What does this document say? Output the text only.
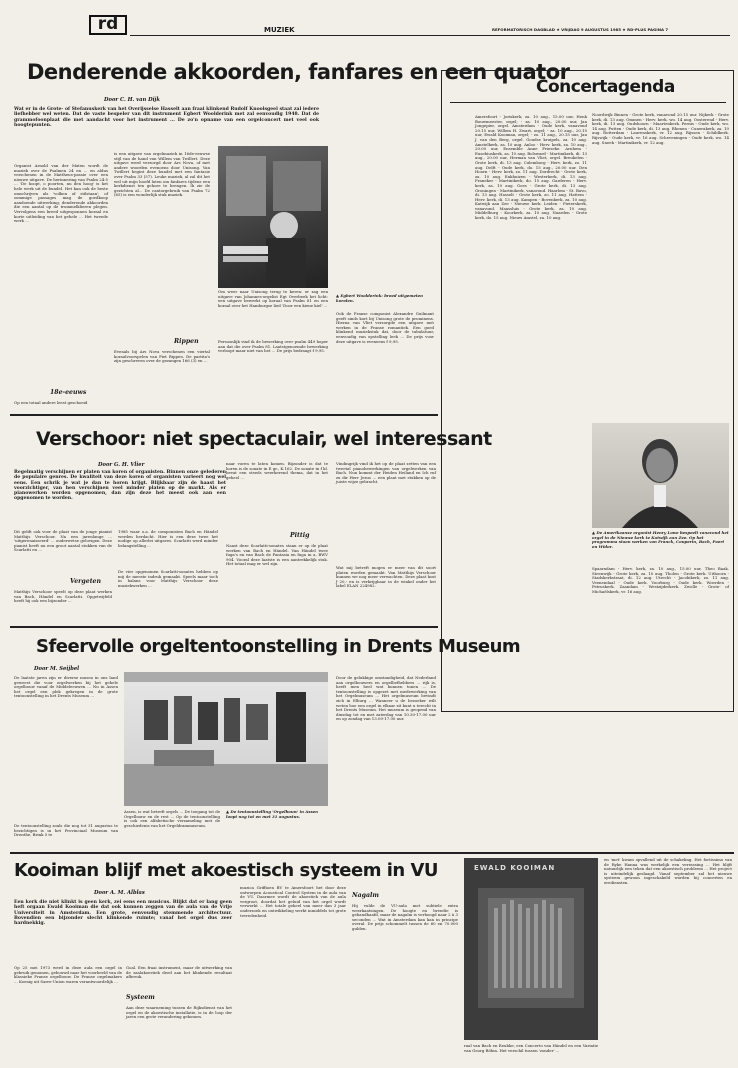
rd	MUZIEK	REFORMATORISCH DAGBLAD ★ VRIJDAG 9 AUGUSTUS 1985 ★ RD-PLUS PAGINA 7
Denderende akkoorden, fanfares en een quator
Door C. H. van Dijk
Wat er in de Grote- of Stefanuskerk van het Overijsselse Hasselt aan fraai klinkend Rudolf Knoolsgeel staat zal iedere liefhebber wel weten. Dat de vaste bespeler van dit instrument Egbert Woolderink met zal eenvoudig 1948. Dat de grammofoonplaat die met aandacht voor het instrument ... De zo'n opname van een orgelconcert met veel ook hoogtepunten.

Organist Arnold van der Maten wordt de muziek over de Psalmen 24 en ... en aldus verschenen in de Mattheus-passie over een nieuwe uitgave. De herinnering van Psalm 24:5 ... 'De hoopt, o poorten, nu den hoog' is het hele werk uit de bundel. Het kan ook de beste omschrijven als 'volken of stilstaan'; of sommige passages mag de goedkoop aandoende uitwerking; denderende akkoorden die een aantal op de trommelklieren plegen. Vervolgens een breed uitgesponnen koraal en korte uitleiding van het gehele ... Het tweede werk ...

18e-eeuws
Op een totaal andere leest geschoeid

is een uitgave van orgelmuziek in 16de-eeuwse stijl van de hand van Willem van Twillert. Deze uitgave werd verzorgd door Ars Nova, of met andere woorden evenoens door Unisong. Van Twillert begint deze bundel met een fantasie over Psalm 33 (57). Leuke muziek, al zal dit het wel uit mijn hoofd laten om fanfares tijdens een kerkdienst ten gehore te brengen. Ik zie de gezichten al... De cantorgebruik van Psalm 72 (65) is een wonderlijk stuk muziek.

Rippen
Evenals bij Ars Nova verschenen een viertal koraalvoorspelen van Piet Rippen. De partita's zijn geschreven over de gezangen 166 (3) en ...

Om weer naar Unisong terug te keren: er zag een uitgave van Johannes-orgelist Egt Overbeek het licht: een uitgave bewerkt op koraal van Psalm 81 en een koraal over het Hamburgse lied 'Door een kiene kiel' ...

Persoonlijk vind ik de bewerking over psalm 449 hoper aan dat die over Psalm 81. Laatstgenoemde bewerking verloopt maar niet van het ... De prijs bedraagt f 9,95.
▲ Egbert Woolderink: breed uitgemeten koralen.

Ook de Franse componist Alexandre Guilmant geeft sinds kort bij Unisong grote de prominens. Hierna van Vliet verzorgde een uitgave met werken in de Franse romantiek. Een goed klinkend muziekstuk dat, door de tabulatuur, eenvoudig van opstelling leek ... De prijs voor deze uitgave is eveneens f 9,95.

Concertagenda
Amersfoort - Joriskerk, za. 10 aug., 15.00 uur, Henk Bouwmeester, orgel; - za. 10 aug., 20.00 uur, Jan Jongepier, orgel. Amsterdam - Oude kerk, vanavond 20.15 uur, Willem H. Zwart, orgel; - za. 10 aug., 20.15 uur, Ewald Kooiman, orgel; - zo. 11 aug., 20.15 uur, Jan J. van den Berg, orgel. Goudse kruipels, za. 10 aug. Amstelkerk, za. 10 aug. Anloo - Herv. kerk, za. 10 aug., 20.00 uur, Ensemble Anne Frieseke. Arnhem - Eusebiuskerk, za. 10 aug. Bolsward - Martinikerk, di. 13 aug., 20.00 uur, Herman van Vliet, orgel. Breukelen - Grote kerk, di. 13 aug. Culemborg - Herv. kerk, zo. 11 aug. Delft - Oude kerk, do. 15 aug., 20.00 uur. Den Hoorn - Herv. kerk, zo. 11 aug. Dordrecht - Grote kerk, za. 10 aug. Enkhuizen - Westerkerk, di. 13 aug. Franeker - Martinikerk, do. 15 aug. Garderen - Herv. kerk, za. 10 aug. Goes - Grote kerk, di. 13 aug. Groningen - Martinikerk, vanavond. Haarlem - St. Bavo, di. 13 aug. Hasselt - Grote kerk, zo. 11 aug. Hattem - Herv. kerk, di. 13 aug. Kampen - Bovenkerk, za. 10 aug. Katwijk aan Zee - Nieuwe kerk. Leiden - Pieterskerk, vanavond. Maassluis - Grote kerk, za. 10 aug. Middelburg - Koorkerk, za. 10 aug. Naarden - Grote kerk, do. 15 aug. Nieuw Amstel, za. 10 aug.
Noordwijk Binnen - Grote kerk, vanavond 20.15 uur. Nijkerk - Grote kerk, di. 13 aug. Ommen - Herv. kerk, wo. 14 aug. Oosterend - Herv. kerk, di. 13 aug. Oudshoorn - Maartenkerk. Pernis - Oude kerk, wo. 14 aug. Putten - Oude kerk, di. 13 aug. Rhenen - Cunerakerk, za. 10 aug. Rotterdam - Laurenskerk, vr. 12 aug. Rijssen - Schildkerk. Rijswijk - Oude kerk, vr. 16 aug. Scheveningen - Oude kerk, wo. 14 aug. Sneek - Martinikerk, vr. 12 aug.
▲ De Amerikaanse organist Henry Lowe bespeelt vanavond het orgel in de Nieuwe kerk te Katwijk aan Zee. Op het programma staan werken van Franck, Couperin, Bach, Paert en Widor.
Spaarndam - Herv. kerk, za. 10 aug., 15.00 uur, Theo Baak. Steenwijk - Grote kerk, za. 10 aug. Tholen - Grote kerk. Uithoorn - Stadskerkstraat, di. 12 aug. Utrecht - Jacobikerk, zo. 11 aug. Veenendaal - Oude kerk. Voorburg - Oude kerk. Woerden - Petruskerk. Zaandam - Westzijderkerk. Zwolle - Grote- of Michaëlskerk, vr. 16 aug.
Verschoor: niet spectaculair, wel interessant
Door G. H. Vlier
Regelmatig verschijnen er platen van koren of organisten. Binnen onze gelederen de populaire genres. De kwaliteit van deze koren of organisten varieert nog wel eens. Een schrik je wat je dan te horen krijgt. Blijkbaar zijn de haast het voorzichtiger, van hen verschijnen veel minder platen op de markt. Als er pianowerken worden opgenomen, dan zijn deze het meest ook aan een opgenomen te worden.

Dit geldt ook voor de plaat van de jonge pianist Matthijs Verschoor. Na een jarenlange ... 'uitgerenaisseerd' ... ouderwetse gelovigen. Deze pianist heeft nu een groot aantal stukken van de Scarlatti en ...

Vergeten
Matthijs Verschoor speelt op deze plaat werken van Bach, Händel en Scarlatti. Opgetwijfeld heeft hij ook een bijzonder ...

1985 waar o.a. de componisten Bach en Händel werden herdacht. Hier is een deze twee het nodige op allerlei uitgaves. Scarlatti werd minder belangstelling ...

De vier opgenomen Scarlatti-sonates hebben op mij de meeste indruk gemaakt. Speels maar toch in balans voor Matthijs Verschoor deze muziekwerken ...

naar voren te laten komen. Bijzonder is dat te horen is de sonate in E gr., K.162. De sonate in f kl. bevat een steeds weerkerend thema, dat in het geheel ...

Pittig
Naast deze Scarlatti-sonates staan er op de plaat werken van Bach en Händel. Van Händel twee fuga's en van Bach de Fantasia en fuga in a, BWV 904. Vooral deze laatste is een aantrekkelijk stuk. Het totaal mag er wel zijn.

Vindingrijk vind ik het op de plaat zetten van een tweetal pianobewerkingen van orgelwerken van Bach. Nun kommt der Heiden Heiland en Ich ruf zu dir Herr Jezus ... een plaat met stukken op de juiste wijze gebracht.

Wat mij betreft mogen er meer van dit soort platen worden gemaakt. Van Matthijs Verschoor kunnen we nog meer verwachten. Deze plaat kost ƒ 20,- en is verkrijgbaar in de winkel onder het label ELAN 224982.
Sfeervolle orgeltentoonstelling in Drents Museum
Door M. Seijbel

De laatste jaren zijn er diverse musea in ons land geweest die voor orgelwerken bij het gehele orgelbouw vanaf de Middeleeuwen ... Nu in Assen het orgel een plek gekregen in de grote tentoonstelling in het Drents Museum ...

De tentoonstelling zoals die nog tot 31 augustus te bezichtigen is in het Provinciaal Museum van Drenthe, Brink 5 te

Assen, is wat betreft orgels ... De toegang tot de Orgelbouw en de rest ... Op de tentoonstelling is ook een alfabetische verzameling met de geschiedenis van het Orgeldrammuseum.

▲ De tentoonstelling 'Orgelbouw' in Assen loopt nog tot en met 31 augustus.

Door de gelukkige omstandigheid, dat Nederland aan orgelbouwers en orgelliefhebbers ... rijk is, heeft men heel wat kunnen tonen ... De tentoonstelling is opgezet met medewerking van het Orgelmuseum ... Het orgelmuseum bevindt zich in Elburg ... Wanneer u de bezoeker wilt weten hoe een orgel in elkaar zit kunt u terecht in het Drents Museum. Het museum is geopend van dinsdag tot en met zaterdag van 10.30-17.00 uur en op zondag van 13.00-17.00 uur.

Kooiman blijf met akoestisch systeem in VU
Door A. M. Alblas
Een kerk die niet klinkt is geen kerk, zei eens een musicus. Blijkt dat er lang geen heft orgaan Ewald Kooiman die dat ook kunnen zeggen van de aula van de Vrije Universiteit in Amsterdam. Een grote, eenvoudig stemmende architectuur. Bovendien een bijzonder slecht klinkende ruimte; vanaf het orgel dus zeer hardnekkig.

Op 25 mei 1973 werd in deze aula een orgel in gebruik genomen, gebouwd naar het voorbeeld van de klassieke Franse orgelbouw. De Franse orgelmakers ... Koenig uit Sarre-Union waren verantwoordelijk ...

Goal. Een fraai instrument, maar de uitwerking van de zaalakoestiek deed aan het klinkende resultaat afbreuk.

Systeem
Aan deze waarneming tussen de Rijksdienst van het orgel en de akoestische installatie, is in de loop der jaren een grote verandering gekomen.

muzica Griffioen BV te Amersfoort het door deze ontworpen Acoustical Control System in de aula van de VU. Daarmee wordt de akoestiek van de aula vergroot, doordat het geluid van het orgel wordt verwerkt ... Het totale geheel van meer dan 3 jaar onderzoek en ontwikkeling werkt inmiddels tot grote tevredenheid.

Nagalm
Hij vulde de VU-aula met subtiele extra weerkaatsingen. De hoogte en breedte is gehandhaafd, maar de nagalm is verhoogd naar 2 à 3 seconden ... Wat in Amsterdam kan kan in principe overal. De prijs schommelt tussen de 60 en 70.000 gulden.
EWALD KOOIMAN
raal van Bach en Reubke, een Concerto van Händel en een Variatie van Georg Böhm. Het verschil tussen 'zonder' ...

en 'met' kwam opvallend uit de schakeling. Het fortissimo van de Ryke Hanna was werkelijk een verrassing ... Het blijft natuurlijk een teken dat een akoestisch probleem ... Het project is uiteindelijk geslaagd. Vanaf september zal het nieuwe systeem gewoon ingeschakeld worden bij concerten en erediensten.
